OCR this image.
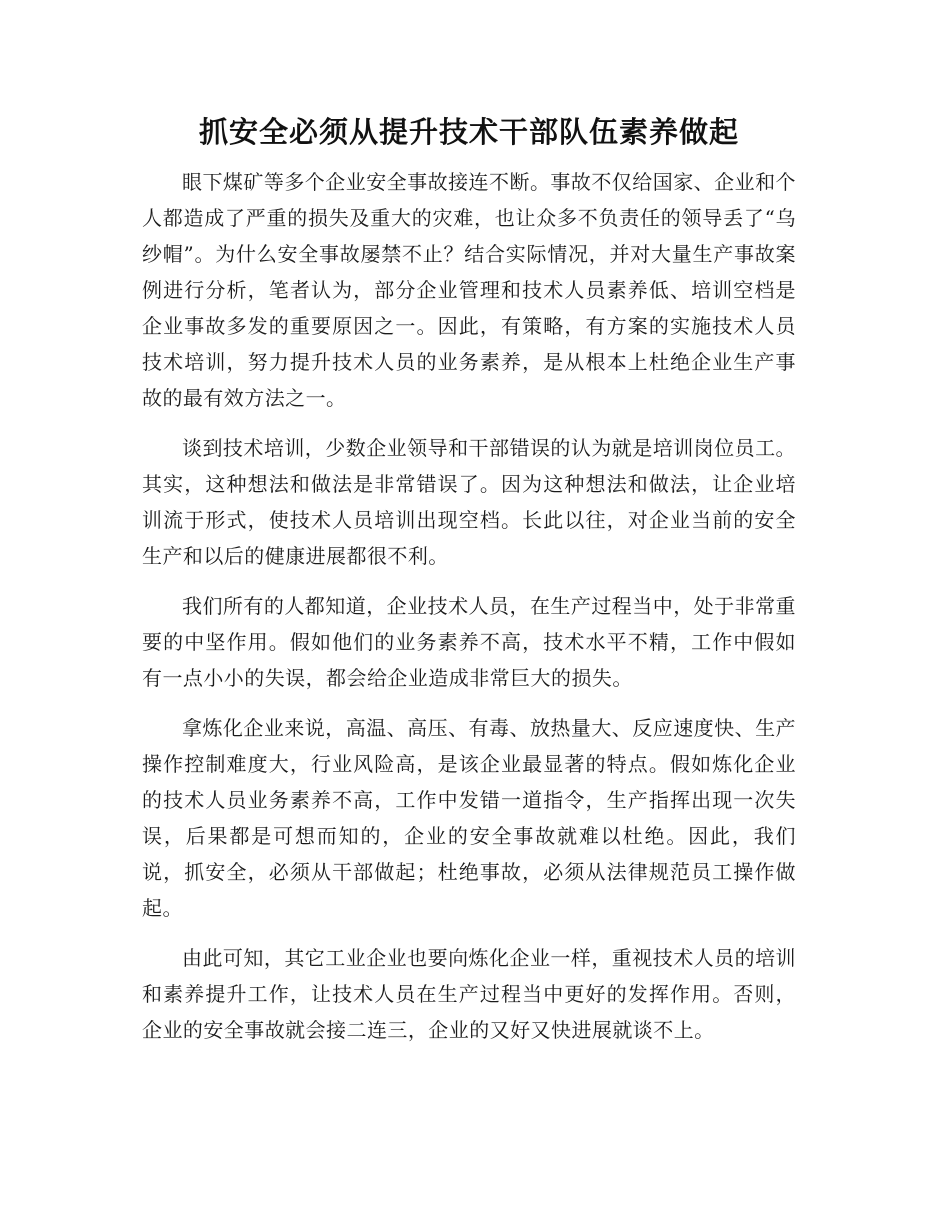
抓安全必须从提升技术干部队伍素养做起

眼下煤矿等多个企业安全事故接连不断。事故不仅给国家、企业和个人都造成了严重的损失及重大的灾难，也让众多不负责任的领导丢了“乌纱帽”。为什么安全事故屡禁不止？结合实际情况，并对大量生产事故案例进行分析，笔者认为，部分企业管理和技术人员素养低、培训空档是企业事故多发的重要原因之一。因此，有策略，有方案的实施技术人员技术培训，努力提升技术人员的业务素养，是从根本上杜绝企业生产事故的最有效方法之一。

谈到技术培训，少数企业领导和干部错误的认为就是培训岗位员工。其实，这种想法和做法是非常错误了。因为这种想法和做法，让企业培训流于形式，使技术人员培训出现空档。长此以往，对企业当前的安全生产和以后的健康进展都很不利。

我们所有的人都知道，企业技术人员，在生产过程当中，处于非常重要的中坚作用。假如他们的业务素养不高，技术水平不精，工作中假如有一点小小的失误，都会给企业造成非常巨大的损失。

拿炼化企业来说，高温、高压、有毒、放热量大、反应速度快、生产操作控制难度大，行业风险高，是该企业最显著的特点。假如炼化企业的技术人员业务素养不高，工作中发错一道指令，生产指挥出现一次失误，后果都是可想而知的，企业的安全事故就难以杜绝。因此，我们说，抓安全，必须从干部做起；杜绝事故，必须从法律规范员工操作做起。

由此可知，其它工业企业也要向炼化企业一样，重视技术人员的培训和素养提升工作，让技术人员在生产过程当中更好的发挥作用。否则，企业的安全事故就会接二连三，企业的又好又快进展就谈不上。
